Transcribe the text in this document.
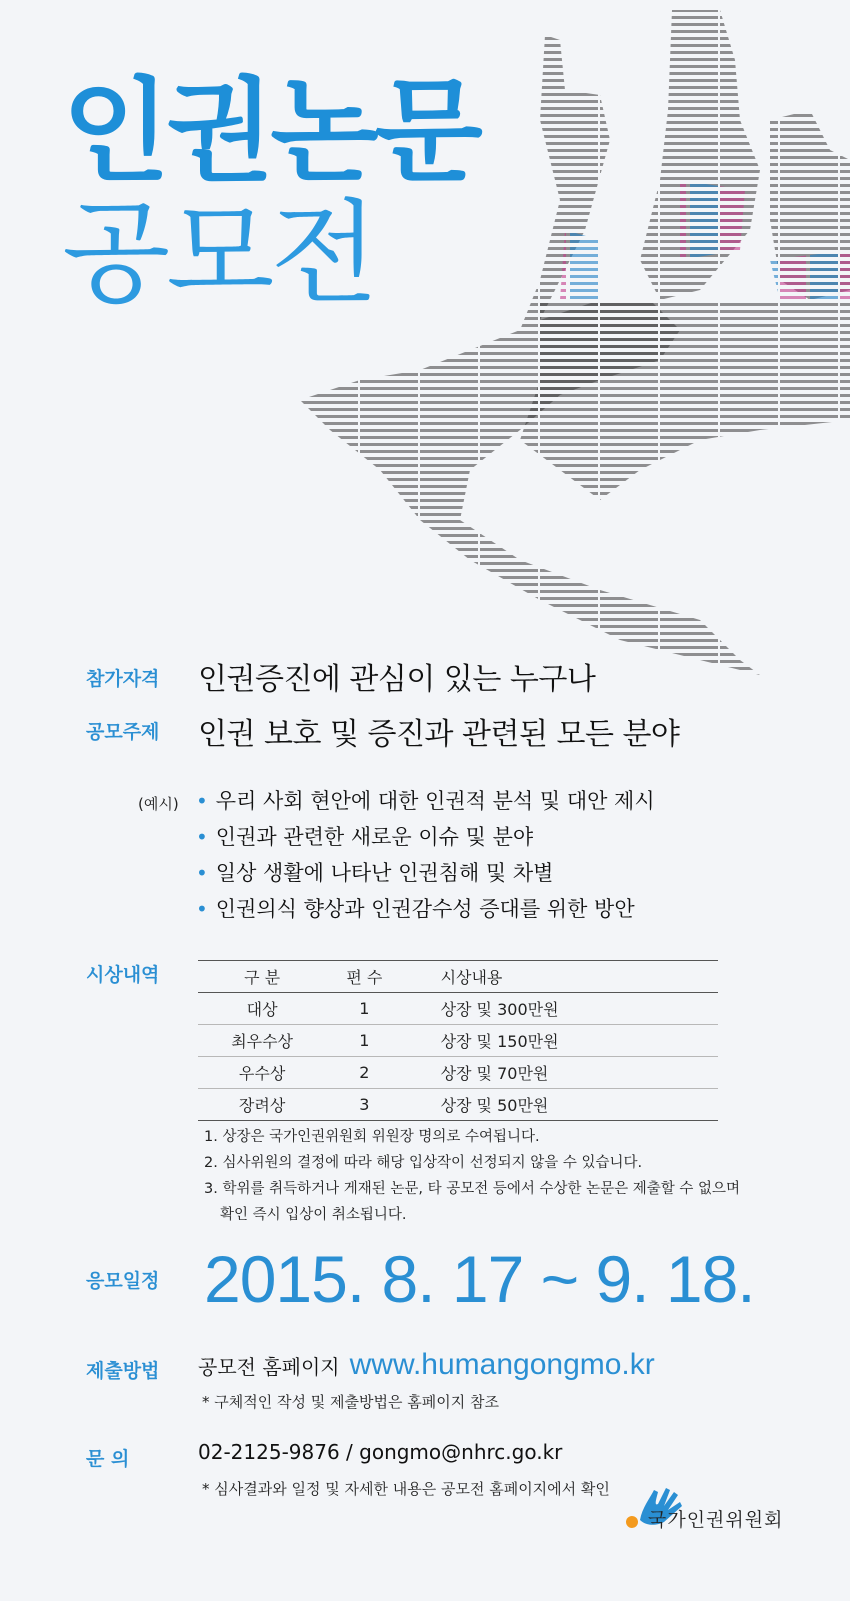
인권논문
공모전
참가자격 인권증진에 관심이 있는 누구나
공모주제 인권 보호 및 증진과 관련된 모든 분야
(예시) • 우리 사회 현안에 대한 인권적 분석 및 대안 제시
• 인권과 관련한 새로운 이슈 및 분야
• 일상 생활에 나타난 인권침해 및 차별
• 인권의식 향상과 인권감수성 증대를 위한 방안
시상내역	구 분	편 수	시상내용
대상	1	상장 및 300만원
최우수상	1	상장 및 150만원
우수상	2	상장 및 70만원
장려상	3	상장 및 50만원
1. 상장은 국가인권위원회 위원장 명의로 수여됩니다.
2. 심사위원의 결정에 따라 해당 입상작이 선정되지 않을 수 있습니다.
3. 학위를 취득하거나 게재된 논문, 타 공모전 등에서 수상한 논문은 제출할 수 없으며
확인 즉시 입상이 취소됩니다.
응모일정 2015. 8. 17 ~ 9. 18.
제출방법 공모전 홈페이지 www.humangongmo.kr
* 구체적인 작성 및 제출방법은 홈페이지 참조
문 의	02-2125-9876 / gongmo@nhrc.go.kr
* 심사결과와 일정 및 자세한 내용은 공모전 홈페이지에서 확인
국가인권위원회
